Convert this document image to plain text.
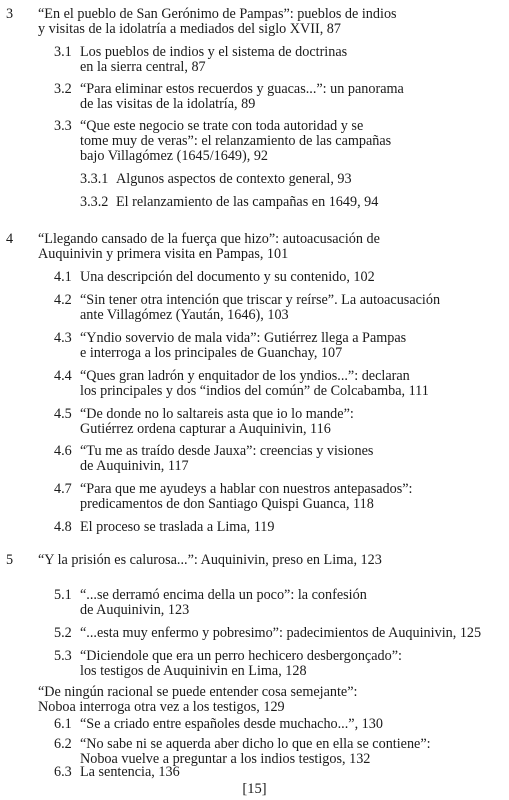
3 “En el pueblo de San Gerónimo de Pampas”: pueblos de indios
y visitas de la idolatría a mediados del siglo XVII, 87
3.1 Los pueblos de indios y el sistema de doctrinas
en la sierra central, 87
3.2 “Para eliminar estos recuerdos y guacas...”: un panorama
de las visitas de la idolatría, 89
3.3 “Que este negocio se trate con toda autoridad y se
tome muy de veras”: el relanzamiento de las campañas
bajo Villagómez (1645/1649), 92
3.3.1 Algunos aspectos de contexto general, 93
3.3.2 El relanzamiento de las campañas en 1649, 94
4 “Llegando cansado de la fuerça que hizo”: autoacusación de
Auquinivin y primera visita en Pampas, 101
4.1 Una descripción del documento y su contenido, 102
4.2 “Sin tener otra intención que triscar y reírse”. La autoacusación
ante Villagómez (Yaután, 1646), 103
4.3 “Yndio sovervio de mala vida”: Gutiérrez llega a Pampas
e interroga a los principales de Guanchay, 107
4.4 “Ques gran ladrón y enquitador de los yndios...”: declaran
los principales y dos “indios del común” de Colcabamba, 111
4.5 “De donde no lo saltareis asta que io lo mande”:
Gutiérrez ordena capturar a Auquinivin, 116
4.6 “Tu me as traído desde Jauxa”: creencias y visiones
de Auquinivin, 117
4.7 “Para que me ayudeys a hablar con nuestros antepasados”:
predicamentos de don Santiago Quispi Guanca, 118
4.8 El proceso se traslada a Lima, 119
5 “Y la prisión es calurosa...”: Auquinivin, preso en Lima, 123
5.1 “...se derramó encima della un poco”: la confesión
de Auquinivin, 123
5.2 “...esta muy enfermo y pobresimo”: padecimientos de Auquinivin, 125
5.3 “Diciendole que era un perro hechicero desbergonçado”:
los testigos de Auquinivin en Lima, 128
“De ningún racional se puede entender cosa semejante”:
Noboa interroga otra vez a los testigos, 129
6.1 “Se a criado entre españoles desde muchacho...”, 130
6.2 “No sabe ni se aquerda aber dicho lo que en ella se contiene”:
Noboa vuelve a preguntar a los indios testigos, 132
6.3 La sentencia, 136
[15]
